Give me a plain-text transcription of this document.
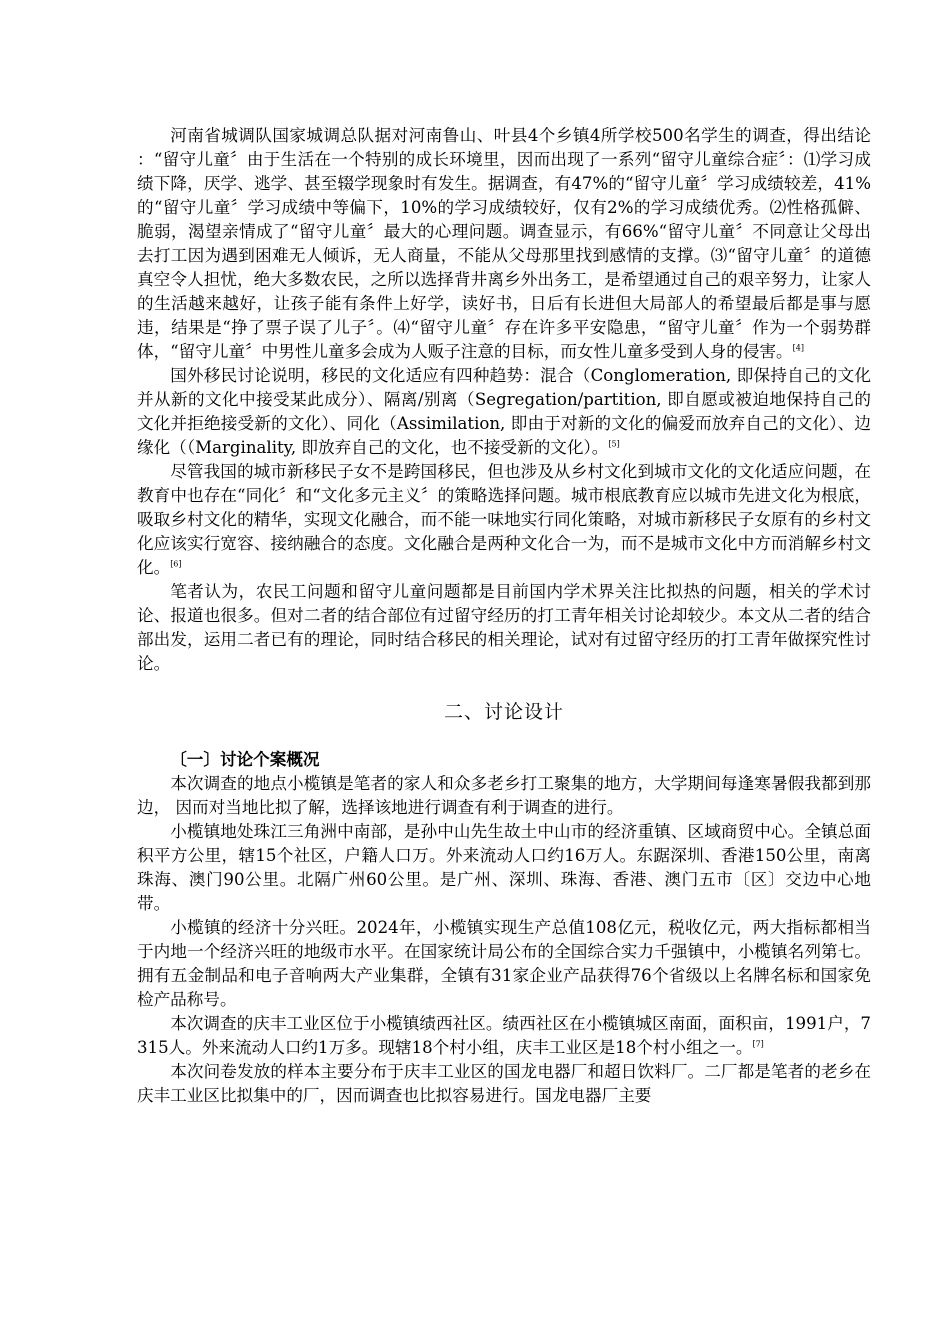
河南省城调队国家城调总队据对河南鲁山、叶县4个乡镇4所学校500名学生的调查，得出结论 ：“留守儿童〞由于生活在一个特别的成长环境里，因而出现了一系列“留守儿童综合症〞：⑴学习成绩下降，厌学、逃学、甚至辍学现象时有发生。据调查，有47%的“留守儿童〞学习成绩较差，41%的“留守儿童〞学习成绩中等偏下，10%的学习成绩较好，仅有2%的学习成绩优秀。⑵性格孤僻、脆弱，渴望亲情成了“留守儿童〞最大的心理问题。调查显示，有66%“留守儿童〞不同意让父母出去打工因为遇到困难无人倾诉，无人商量，不能从父母那里找到感情的支撑。⑶“留守儿童〞的道德真空令人担忧，绝大多数农民，之所以选择背井离乡外出务工，是希望通过自己的艰辛努力，让家人的生活越来越好，让孩子能有条件上好学，读好书，日后有长进但大局部人的希望最后都是事与愿违，结果是“挣了票子误了儿子〞。⑷“留守儿童〞存在许多平安隐患，“留守儿童〞作为一个弱势群体，“留守儿童〞中男性儿童多会成为人贩子注意的目标，而女性儿童多受到人身的侵害。[4]

国外移民讨论说明，移民的文化适应有四种趋势：混合（Conglomeration, 即保持自己的文化并从新的文化中接受某此成分）、隔离/别离（Segregation/partition, 即自愿或被迫地保持自己的文化并拒绝接受新的文化）、同化（Assimilation, 即由于对新的文化的偏爱而放弃自己的文化）、边缘化（（Marginality, 即放弃自己的文化，也不接受新的文化）。[5]

尽管我国的城市新移民子女不是跨国移民，但也涉及从乡村文化到城市文化的文化适应问题，在教育中也存在“同化〞和“文化多元主义〞的策略选择问题。城市根底教育应以城市先进文化为根底，吸取乡村文化的精华，实现文化融合，而不能一味地实行同化策略，对城市新移民子女原有的乡村文化应该实行宽容、接纳融合的态度。文化融合是两种文化合一为，而不是城市文化中方而消解乡村文化。[6]

笔者认为，农民工问题和留守儿童问题都是目前国内学术界关注比拟热的问题，相关的学术讨论、报道也很多。但对二者的结合部位有过留守经历的打工青年相关讨论却较少。本文从二者的结合部出发，运用二者已有的理论，同时结合移民的相关理论，试对有过留守经历的打工青年做探究性讨论。

二、讨论设计
〔一〕讨论个案概况

本次调查的地点小榄镇是笔者的家人和众多老乡打工聚集的地方，大学期间每逢寒暑假我都到那边， 因而对当地比拟了解，选择该地进行调查有利于调查的进行。

小榄镇地处珠江三角洲中南部，是孙中山先生故土中山市的经济重镇、区域商贸中心。全镇总面积平方公里，辖15个社区，户籍人口万。外来流动人口约16万人。东踞深圳、香港150公里，南离珠海、澳门90公里。北隔广州60公里。是广州、深圳、珠海、香港、澳门五市〔区〕交边中心地带。

小榄镇的经济十分兴旺。2024年，小榄镇实现生产总值108亿元，税收亿元，两大指标都相当于内地一个经济兴旺的地级市水平。在国家统计局公布的全国综合实力千强镇中，小榄镇名列第七。拥有五金制品和电子音响两大产业集群，全镇有31家企业产品获得76个省级以上名牌名标和国家免检产品称号。

本次调查的庆丰工业区位于小榄镇绩西社区。绩西社区在小榄镇城区南面，面积亩，1991户，7315人。外来流动人口约1万多。现辖18个村小组，庆丰工业区是18个村小组之一。[7]

本次问卷发放的样本主要分布于庆丰工业区的国龙电器厂和超日饮料厂。二厂都是笔者的老乡在庆丰工业区比拟集中的厂，因而调查也比拟容易进行。国龙电器厂主要
